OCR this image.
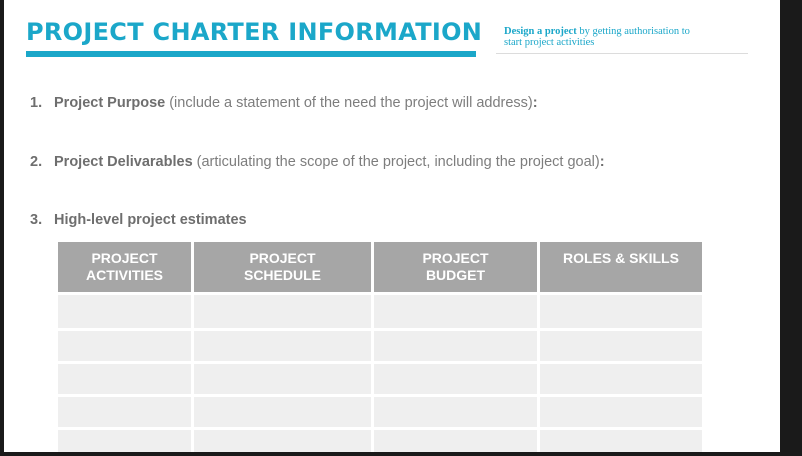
PROJECT CHARTER INFORMATION Design a project by getting authorisation to start project activities
1. Project Purpose (include a statement of the need the project will address):
2. Project Delivarables (articulating the scope of the project, including the project goal):
3. High-level project estimates
PROJECT
ACTIVITIES
PROJECT
SCHEDULE
PROJECT
BUDGET
ROLES & SKILLS
